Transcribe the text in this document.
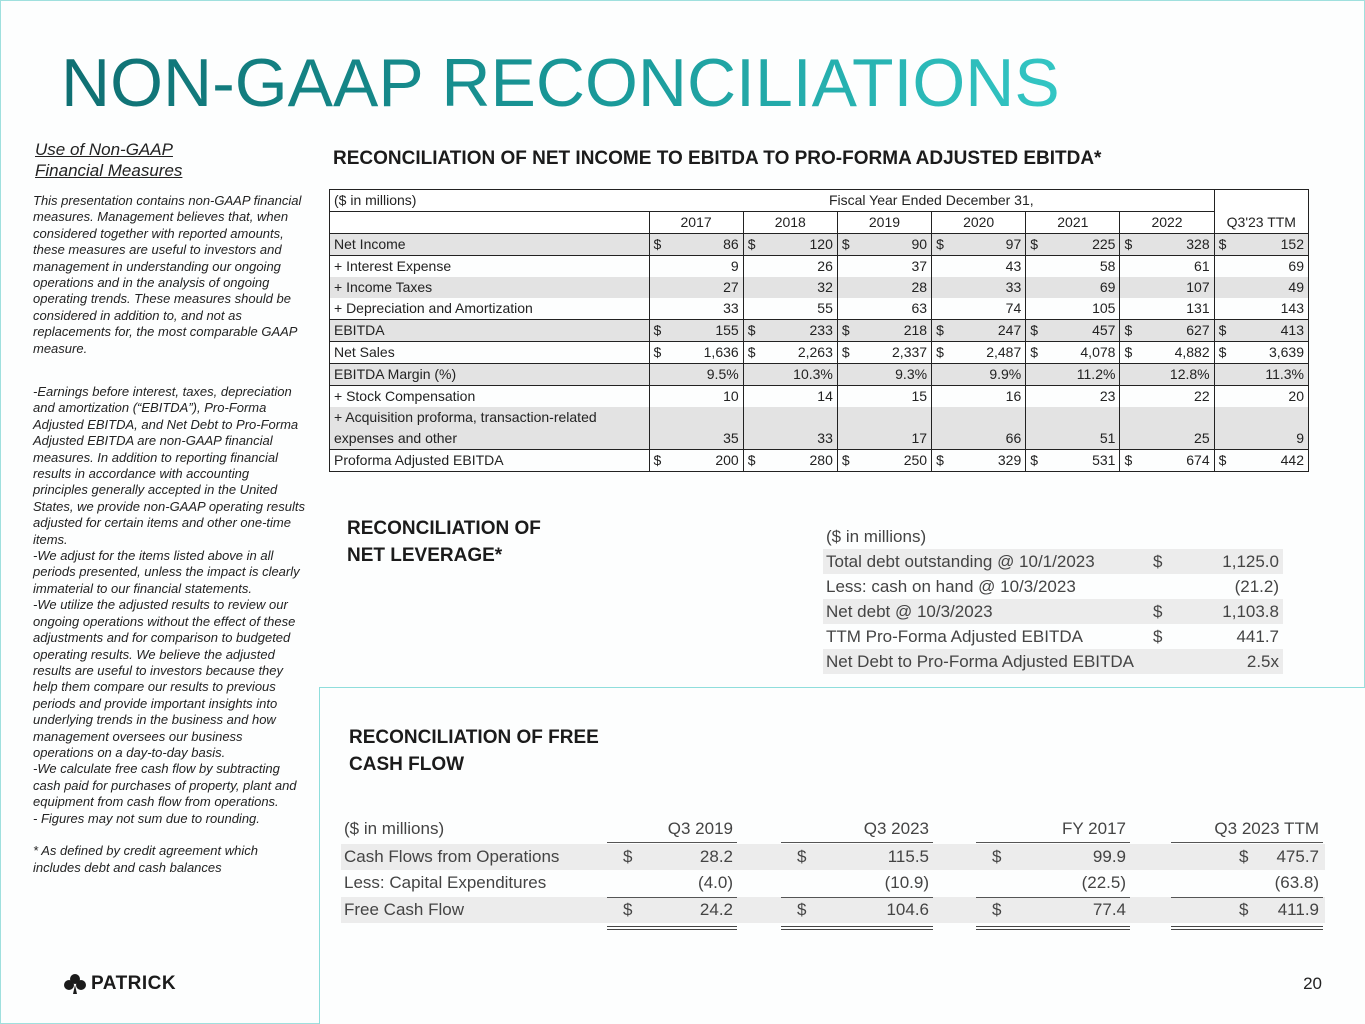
NON-GAAP RECONCILIATIONS
Use of Non-GAAP
Financial Measures
This presentation contains non-GAAP financial measures. Management believes that, when considered together with reported amounts, these measures are useful to investors and management in understanding our ongoing operations and in the analysis of ongoing operating trends. These measures should be considered in addition to, and not as replacements for, the most comparable GAAP measure.
-Earnings before interest, taxes, depreciation and amortization (“EBITDA”), Pro-Forma Adjusted EBITDA, and Net Debt to Pro-Forma Adjusted EBITDA are non-GAAP financial measures. In addition to reporting financial results in accordance with accounting principles generally accepted in the United States, we provide non-GAAP operating results adjusted for certain items and other one-time items.
-We adjust for the items listed above in all periods presented, unless the impact is clearly immaterial to our financial statements.
-We utilize the adjusted results to review our ongoing operations without the effect of these adjustments and for comparison to budgeted operating results. We believe the adjusted results are useful to investors because they help them compare our results to previous periods and provide important insights into underlying trends in the business and how management oversees our business operations on a day-to-day basis.
-We calculate free cash flow by subtracting cash paid for purchases of property, plant and equipment from cash flow from operations.
- Figures may not sum due to rounding.

* As defined by credit agreement which includes debt and cash balances
RECONCILIATION OF NET INCOME TO EBITDA TO PRO-FORMA ADJUSTED EBITDA*
($ in millions)	Fiscal Year Ended December 31,												Q3'23 TTM	
	2017		2018		2019		2020		2021		2022			
Net Income	$	86	$	120	$	90	$	97	$	225	$	328	$	152
+ Interest Expense		9		26		37		43		58		61		69
+ Income Taxes		27		32		28		33		69		107		49
+ Depreciation and Amortization		33		55		63		74		105		131		143
EBITDA	$	155	$	233	$	218	$	247	$	457	$	627	$	413
Net Sales	$	1,636	$	2,263	$	2,337	$	2,487	$	4,078	$	4,882	$	3,639
EBITDA Margin (%)		9.5%		10.3%		9.3%		9.9%		11.2%		12.8%		11.3%
+ Stock Compensation		10		14		15		16		23		22		20
+ Acquisition proforma, transaction-related expenses and other		35		33		17		66		51		25		9
Proforma Adjusted EBITDA	$	200	$	280	$	250	$	329	$	531	$	674	$	442
RECONCILIATION OF
NET LEVERAGE*
($ in millions)
Total debt outstanding @ 10/1/2023	$	1,125.0
Less: cash on hand @ 10/3/2023	(21.2)
Net debt @ 10/3/2023	$	1,103.8
TTM Pro-Forma Adjusted EBITDA	$	441.7
Net Debt to Pro-Forma Adjusted EBITDA	2.5x
RECONCILIATION OF FREE
CASH FLOW
($ in millions)	Q3 2019	Q3 2023	FY 2017	Q3 2023 TTM
Cash Flows from Operations	$	28.2	$	115.5	$	99.9	$	475.7
Less: Capital Expenditures	(4.0)	(10.9)	(22.5)	(63.8)
Free Cash Flow	$	24.2	$	104.6	$	77.4	$	411.9
PATRICK	20
